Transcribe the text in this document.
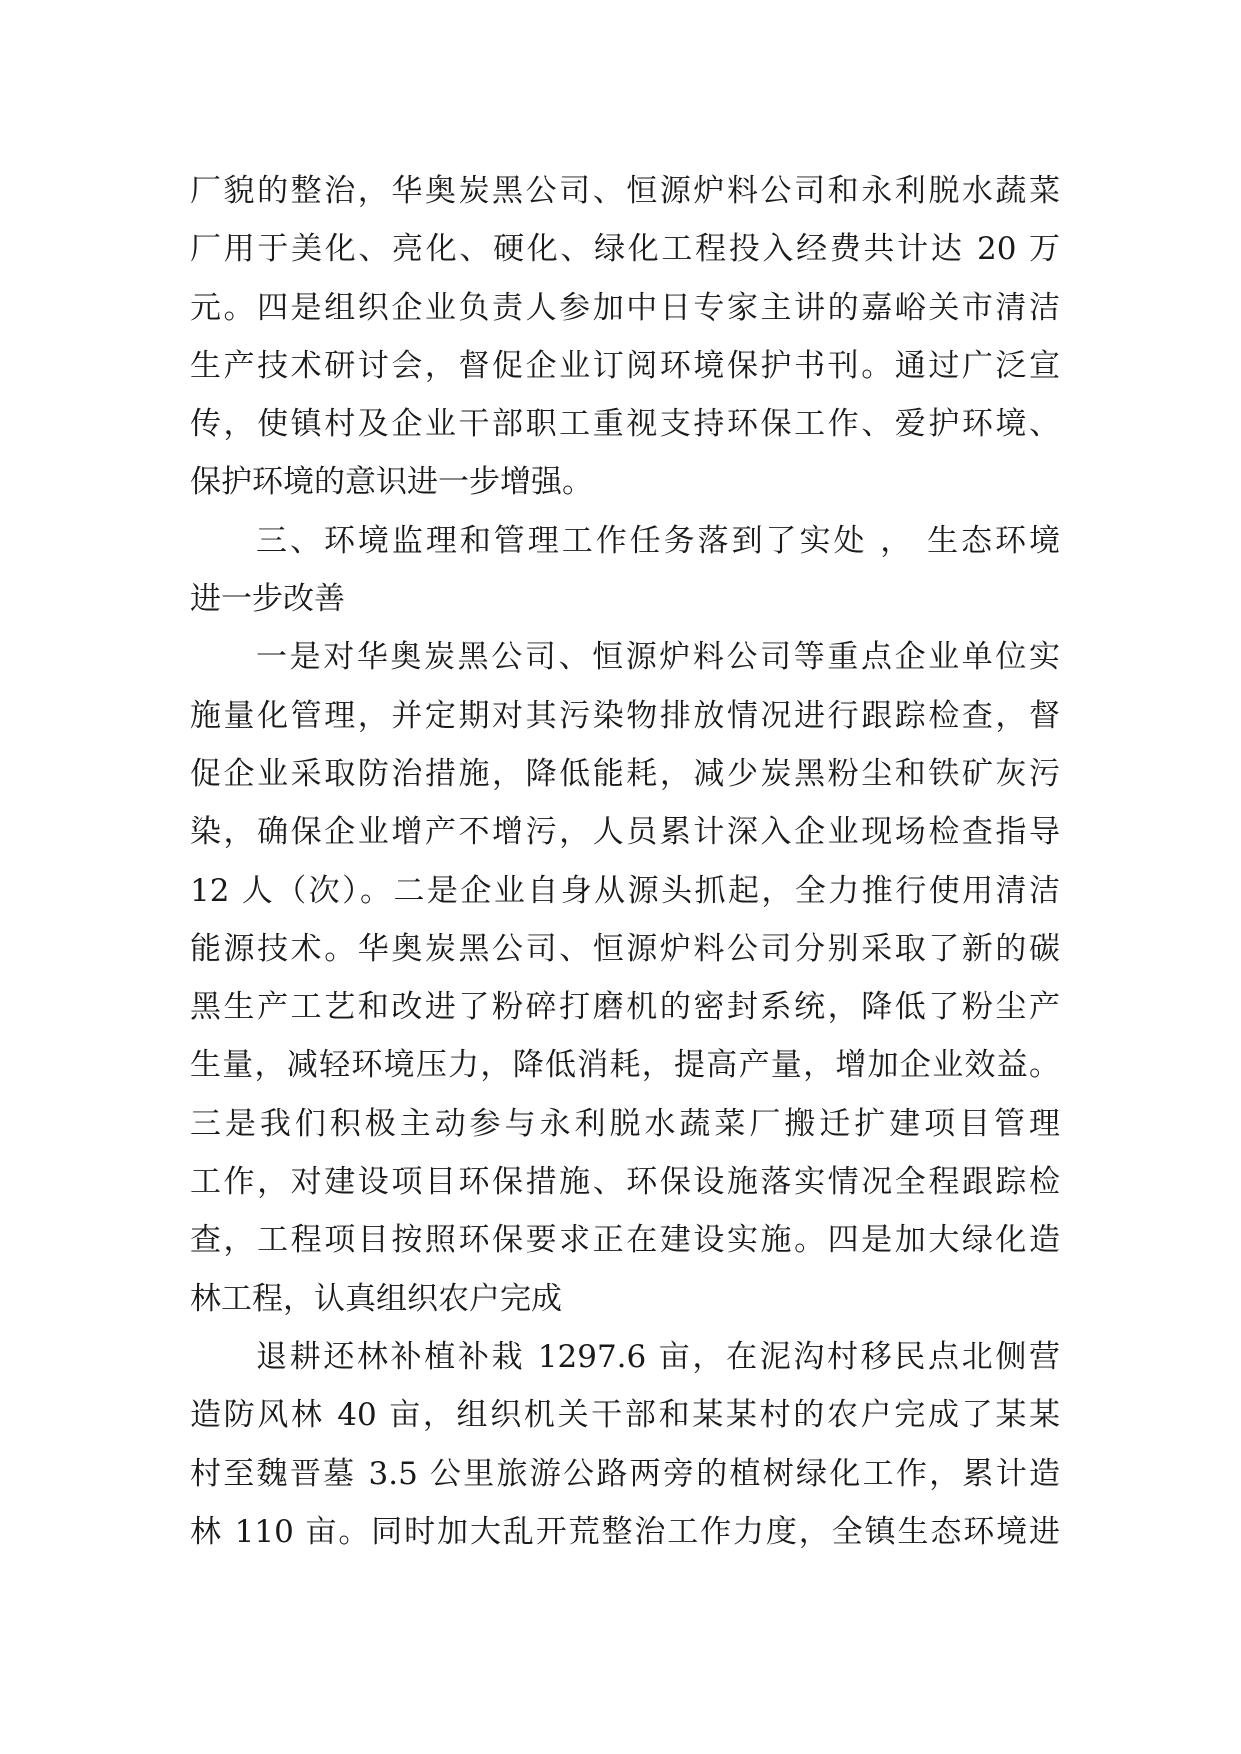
厂貌的整治，华奥炭黑公司、恒源炉料公司和永利脱水蔬菜
厂用于美化、亮化、硬化、绿化工程投入经费共计达 20 万
元。四是组织企业负责人参加中日专家主讲的嘉峪关市清洁
生产技术研讨会，督促企业订阅环境保护书刊。通过广泛宣
传，使镇村及企业干部职工重视支持环保工作、爱护环境、
保护环境的意识进一步增强。
三、环境监理和管理工作任务落到了实处 ， 生态环境
进一步改善
一是对华奥炭黑公司、恒源炉料公司等重点企业单位实
施量化管理，并定期对其污染物排放情况进行跟踪检查，督
促企业采取防治措施，降低能耗，减少炭黑粉尘和铁矿灰污
染，确保企业增产不增污，人员累计深入企业现场检查指导
12 人（次）。二是企业自身从源头抓起，全力推行使用清洁
能源技术。华奥炭黑公司、恒源炉料公司分别采取了新的碳
黑生产工艺和改进了粉碎打磨机的密封系统，降低了粉尘产
生量，减轻环境压力，降低消耗，提高产量，增加企业效益。
三是我们积极主动参与永利脱水蔬菜厂搬迁扩建项目管理
工作，对建设项目环保措施、环保设施落实情况全程跟踪检
查，工程项目按照环保要求正在建设实施。四是加大绿化造
林工程，认真组织农户完成
退耕还林补植补栽 1297.6 亩，在泥沟村移民点北侧营
造防风林 40 亩，组织机关干部和某某村的农户完成了某某
村至魏晋墓 3.5 公里旅游公路两旁的植树绿化工作，累计造
林 110 亩。同时加大乱开荒整治工作力度，全镇生态环境进
